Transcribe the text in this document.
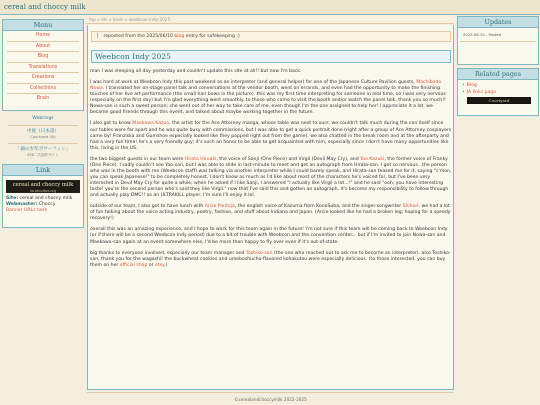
cereal and choccy milk
Menu
Home
About
Blog
Translations
Creations
Collections
Brain
Webrings
中庭（日本語）
Courtyard (JA)
「錦の少年ポサーフィン」
ATB二次創作サイト
Link
cereal and choccy milk
on neocities.org
Site: cereal and choccy milk
Webmaster: Choccy
Banner URLs here
top » etc » brain » weebcon-indy-2025
▏ reposted from the 2025/06/10 blog entry for safekeeping :)
Weebcon Indy 2025

man I was sleeping all day yesterday and couldn't update this site at all!! but now I'm back.

I was hard at work at Weebcon Indy this past weekend as an interpreter (and general helper) for one of the Japanese Culture Pavilion guests, Machibado Nowa. I translated her on-stage panel talk and conversations at the vendor booth, went on errands, and even had the opportunity to make the finishing touches of her live art performance (the small hair bows in the picture). this was my first time interpreting for someone in real time, so I was very nervous (especially on the first day) but I'm glad everything went smoothly. to those who came to visit the booth and/or watch the panel talk, thank you so much!! Nowa-san is such a sweet person; she went out of her way to take care of me, even though I'm the one assigned to help her! I appreciate it a lot. we became good friends through this event, and talked about maybe working together in the future.

I also got to know Maekawa Kazuo, the artist for the Ace Attorney manga, whose table was next to ours. we couldn't talk much during the con itself since our tables were far apart and he was quite busy with commissions, but I was able to get a quick portrait done (right after a group of Ace Attorney cosplayers came by! Franziska and Gumshoe especially looked like they popped right out from the game). we also chatted in the break room and at the afterparty and had a very fun time! he's a very friendly guy; it's such an honor to be able to get acquainted with him, especially since I don't have many opportunities like this, living in the US.

the two biggest guests in our team were Hirata Hiroaki, the voice of Sanji (One Piece) and Virgil (Devil May Cry), and Yao Kazuki, the former voice of Franky (One Piece). I sadly couldn't see Yao-san, but I was able to slide in last-minute to meet and get an autograph from Hirata-san. I got so nervous...the person who was in the booth with me (Weebcon staff) was talking via another interpreter while I could barely speak, and Hirata-san teased me for it, saying "c'mon, you can speak Japanese!" to be completely honest, I don't know as much as I'd like about most of the characters he's voiced for, but I've been very interested in Devil May Cry for quite a while, when he asked if I like Sanji, I answered "I actually like Virgil a lot...!" and he said "ooh, you have interesting taste! you're the second person who's said they like Virgil." now that I've said this and gotten an autograph, it's become my responsibility to follow through and actually play DMC!! as an ULTRAKILL player, I'm sure I'll enjoy it lol.

outside of our team, I also got to have lunch with Arcie Pantoja, the english voice of Kazuma from KonoSuba, and the singer-songwriter Shihori. we had a lot of fun talking about the voice acting industry, poetry, fashion, and stuff about Indiana and Japan. (Arcie looked like he had a broken leg; hoping for a speedy recovery!)

overall this was an amazing experience, and I hope to work for this team again in the future! I'm not sure if this team will be coming back to Weebcon Indy (or if there will be a second Weebcon Indy period) due to a bit of trouble with Weebcon and the convention center... but if I'm invited to join Nowa-san and Maekawa-san again at an event somewhere else, I'd be more than happy to fly over even if it's out-of-state.

big thanks to everyone involved, especially our team manager and Toshiko-san (the one who reached out to ask me to become an interpreter). also Toshiko-san, thank you for the wagashi! the buckwheat cookies and umeboshucha-flavored kohakutou were especially delicious. (to those interested, you can buy them on her official shop or etsy.)

©cerealandchoccymilk 2022-2025
Updates
2025.06.10 - Posted
Related pages
• Blog
• JA links page
Courtyard
